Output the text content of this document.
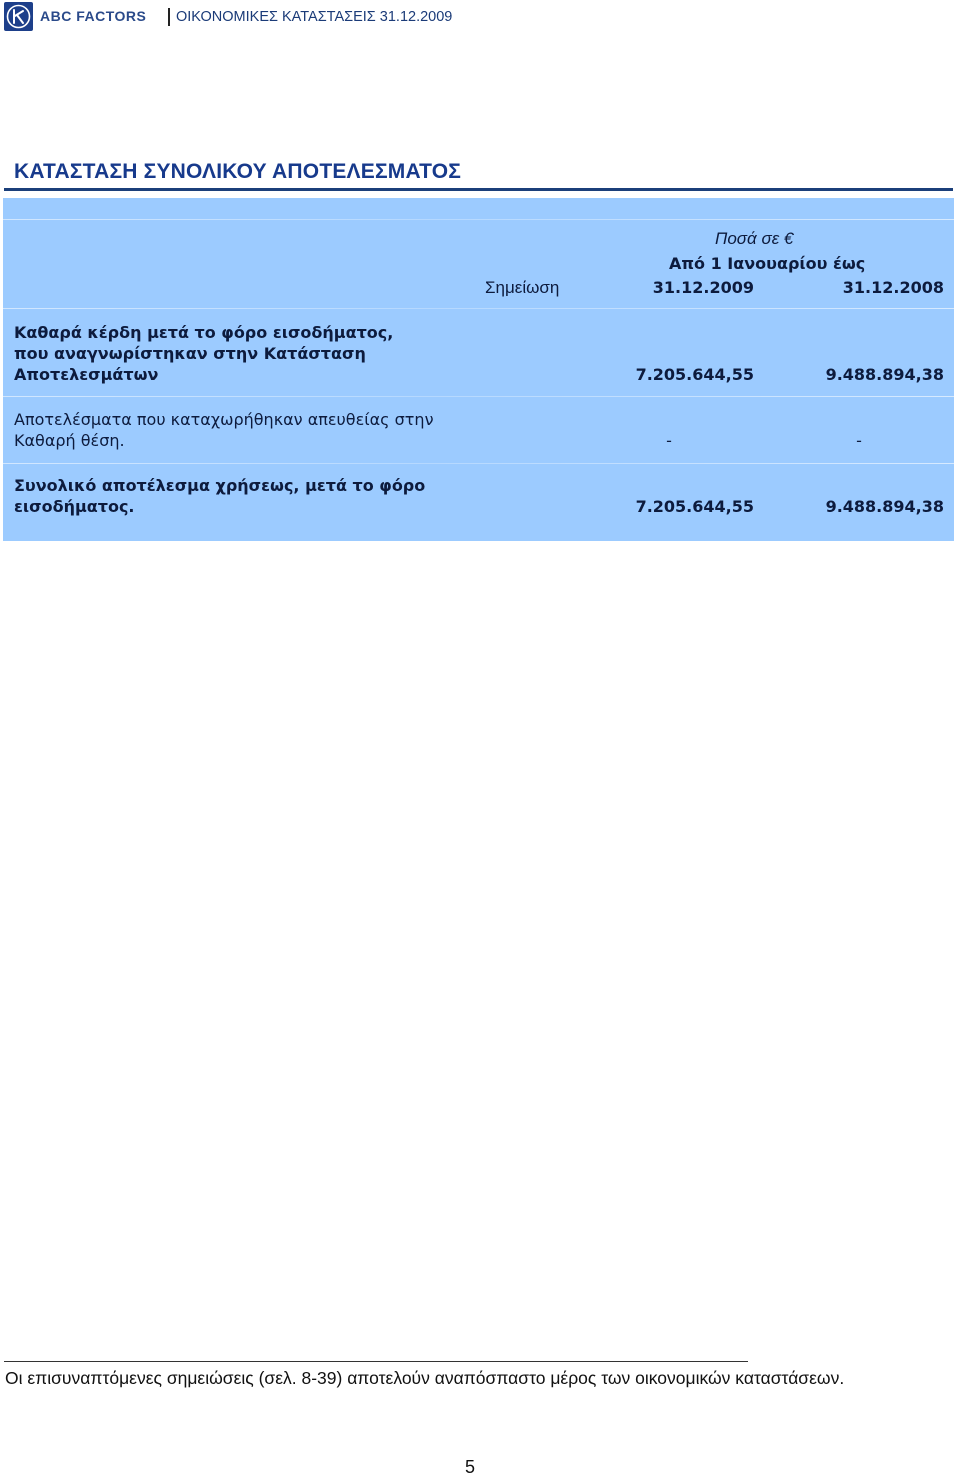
ABC FACTORS ΟΙΚΟΝΟΜΙΚΕΣ ΚΑΤΑΣΤΑΣΕΙΣ 31.12.2009
ΚΑΤΑΣΤΑΣΗ ΣΥΝΟΛΙΚΟΥ ΑΠΟΤΕΛΕΣΜΑΤΟΣ
Ποσά σε €
Από 1 Ιανουαρίου έως
Σημείωση	31.12.2009	31.12.2008
Καθαρά κέρδη μετά το φόρο εισοδήματος,
που αναγνωρίστηκαν στην Κατάσταση
Αποτελεσμάτων	7.205.644,55	9.488.894,38
Αποτελέσματα που καταχωρήθηκαν απευθείας στην
Καθαρή θέση.	-	-
Συνολικό αποτέλεσμα χρήσεως, μετά το φόρο
εισοδήματος.	7.205.644,55	9.488.894,38
Οι επισυναπτόμενες σημειώσεις (σελ. 8-39) αποτελούν αναπόσπαστο μέρος των οικονομικών καταστάσεων.
5
